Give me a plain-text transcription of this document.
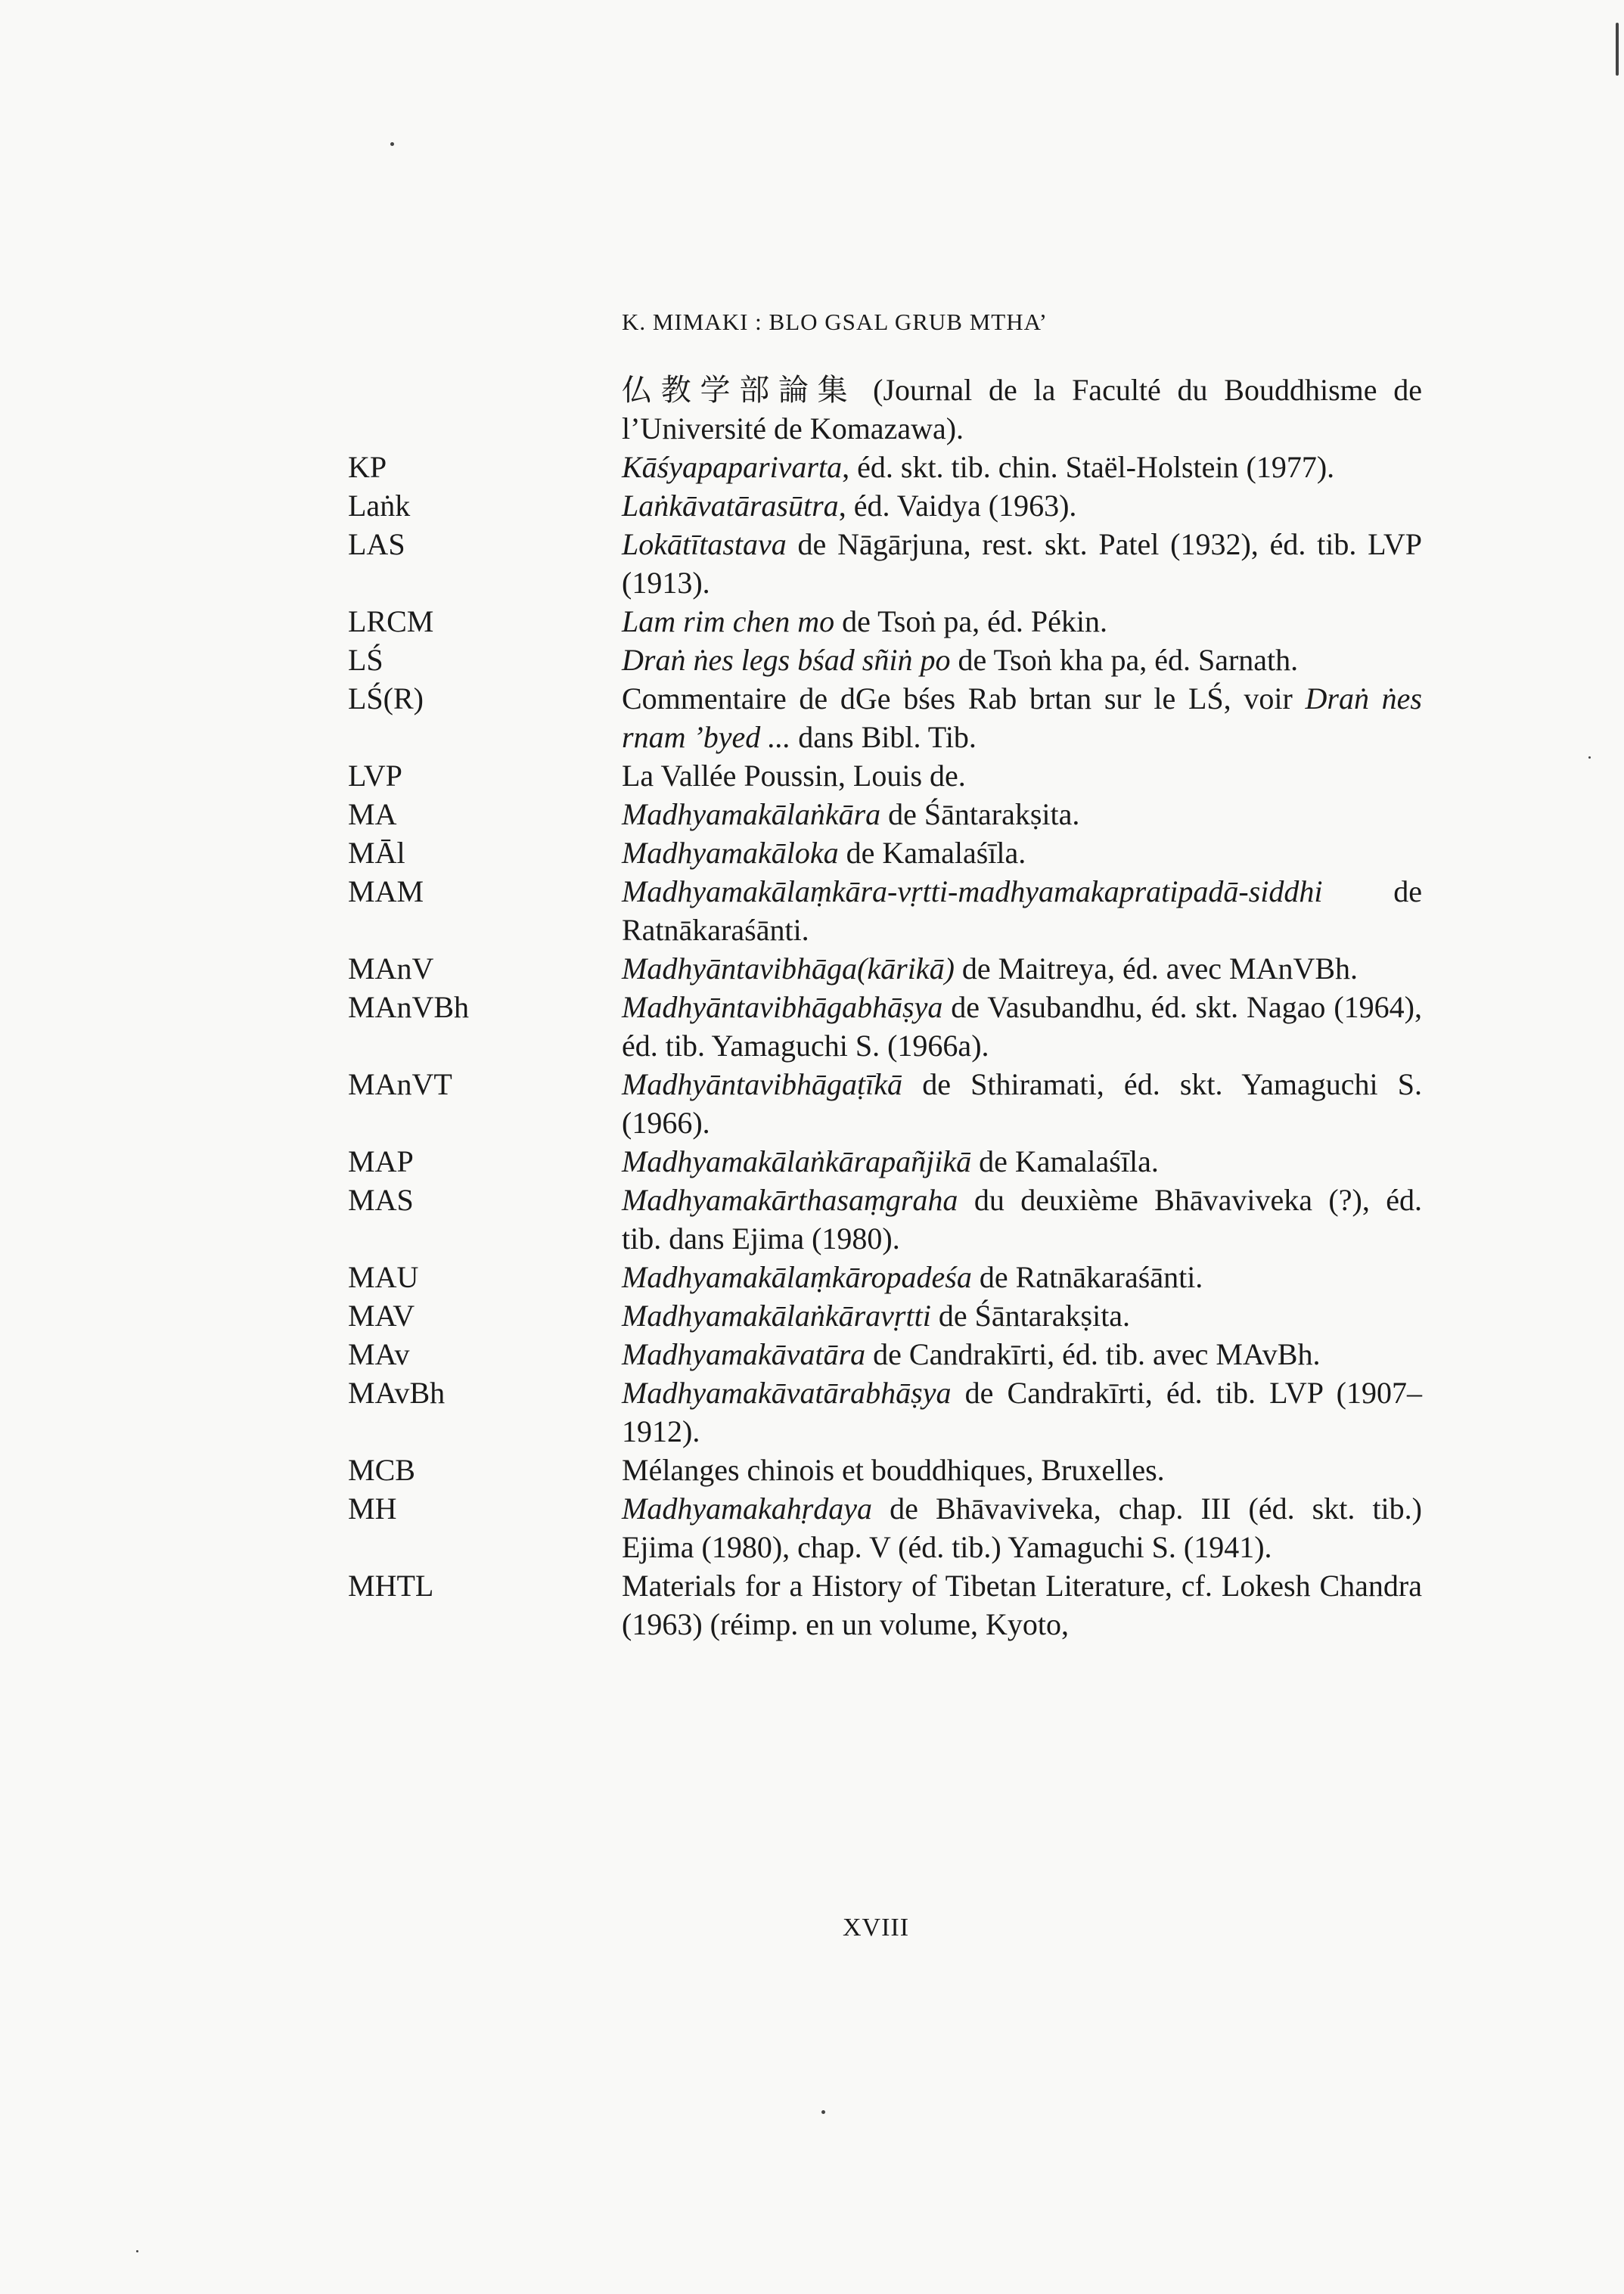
K. MIMAKI : BLO GSAL GRUB MTHA’
仏教学部論集 (Journal de la Faculté du Bouddhisme de l’Université de Komazawa).
KP	Kāśyapaparivarta, éd. skt. tib. chin. Staël-Holstein (1977).
Laṅk	Laṅkāvatārasūtra, éd. Vaidya (1963).
LAS	Lokātītastava de Nāgārjuna, rest. skt. Patel (1932), éd. tib. LVP (1913).
LRCM	Lam rim chen mo de Tsoṅ pa, éd. Pékin.
LŚ	Draṅ ṅes legs bśad sñiṅ po de Tsoṅ kha pa, éd. Sarnath.
LŚ(R)	Commentaire de dGe bśes Rab brtan sur le LŚ, voir Draṅ ṅes rnam ’byed ... dans Bibl. Tib.
LVP	La Vallée Poussin, Louis de.
MA	Madhyamakālaṅkāra de Śāntarakṣita.
MĀl	Madhyamakāloka de Kamalaśīla.
MAM	Madhyamakālaṃkāra-vṛtti-madhyamakapratipadā-siddhi de Ratnākaraśānti.
MAnV	Madhyāntavibhāga(kārikā) de Maitreya, éd. avec MAnVBh.
MAnVBh	Madhyāntavibhāgabhāṣya de Vasubandhu, éd. skt. Nagao (1964), éd. tib. Yamaguchi S. (1966a).
MAnVT	Madhyāntavibhāgaṭīkā de Sthiramati, éd. skt. Yamaguchi S. (1966).
MAP	Madhyamakālaṅkārapañjikā de Kamalaśīla.
MAS	Madhyamakārthasaṃgraha du deuxième Bhāvaviveka (?), éd. tib. dans Ejima (1980).
MAU	Madhyamakālaṃkāropadeśa de Ratnākaraśānti.
MAV	Madhyamakālaṅkāravṛtti de Śāntarakṣita.
MAv	Madhyamakāvatāra de Candrakīrti, éd. tib. avec MAvBh.
MAvBh	Madhyamakāvatārabhāṣya de Candrakīrti, éd. tib. LVP (1907–1912).
MCB	Mélanges chinois et bouddhiques, Bruxelles.
MH	Madhyamakahṛdaya de Bhāvaviveka, chap. III (éd. skt. tib.) Ejima (1980), chap. V (éd. tib.) Yamaguchi S. (1941).
MHTL	Materials for a History of Tibetan Literature, cf. Lokesh Chandra (1963) (réimp. en un volume, Kyoto,
XVIII
